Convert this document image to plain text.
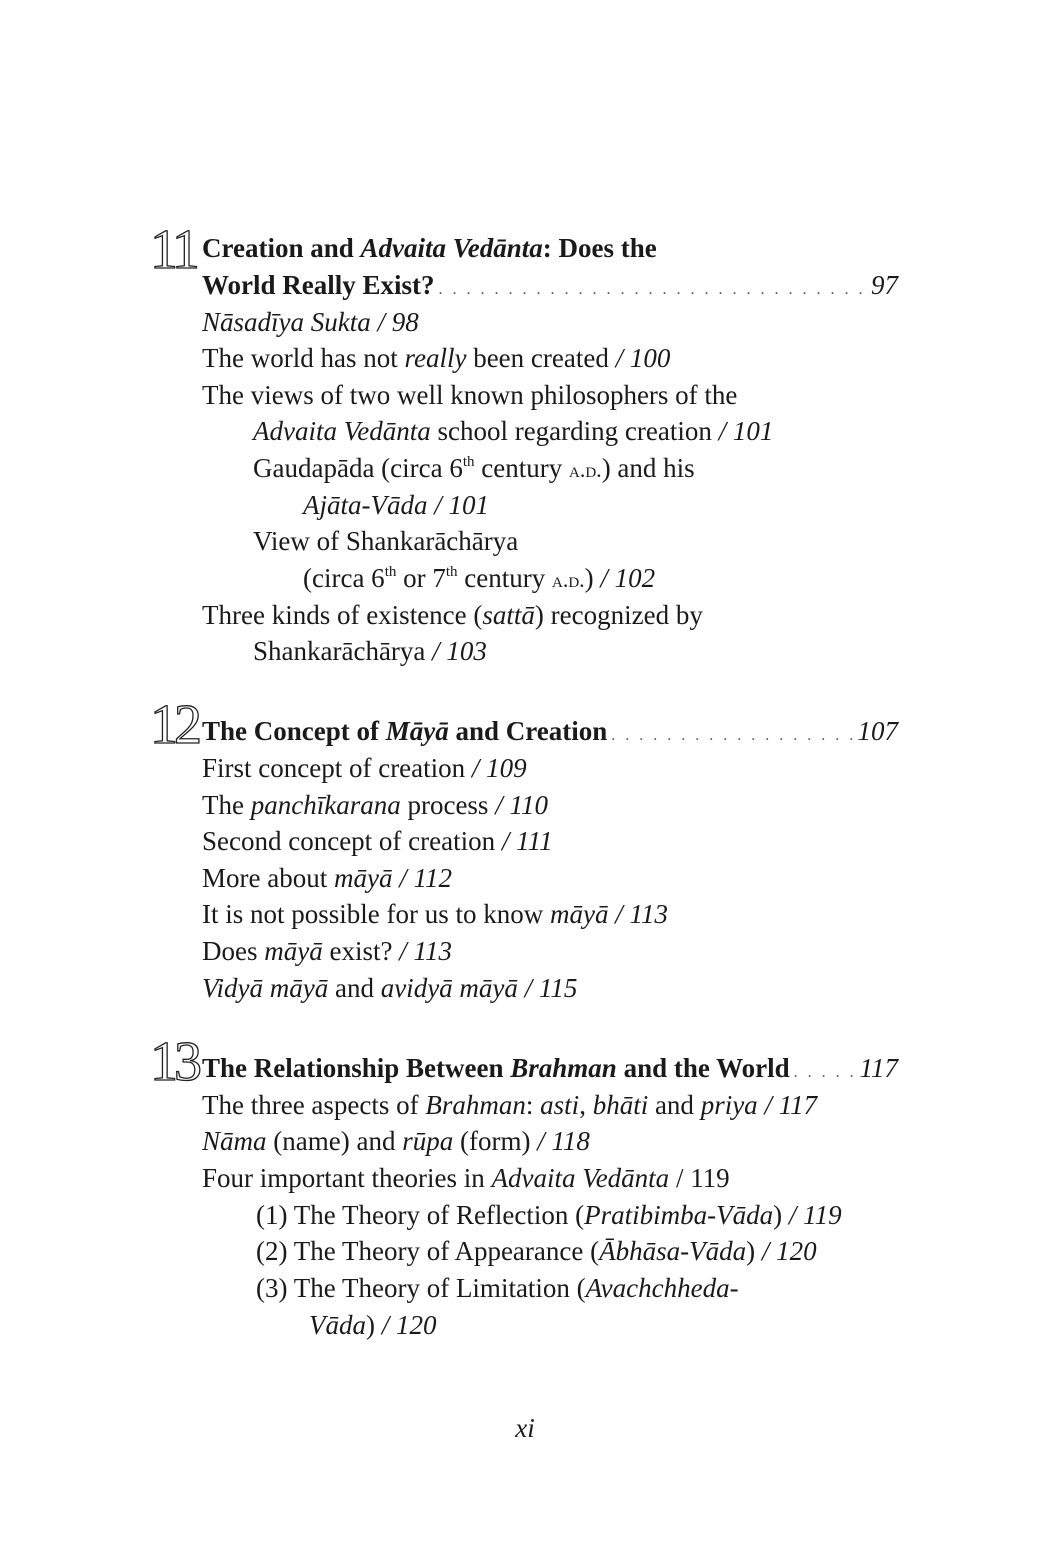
11 Creation and Advaita Vedānta: Does the
World Really Exist? . . .	97
Nāsadīya Sukta / 98
The world has not really been created / 100
The views of two well known philosophers of the
Advaita Vedānta school regarding creation / 101
Gaudapāda (circa 6th century a.d.) and his
Ajāta-Vāda / 101
View of Shankarāchārya
(circa 6th or 7th century a.d.) / 102
Three kinds of existence (sattā) recognized by
Shankarāchārya / 103
12 The Concept of Māyā and Creation . . .	107
First concept of creation / 109
The panchīkarana process / 110
Second concept of creation / 111
More about māyā / 112
It is not possible for us to know māyā / 113
Does māyā exist? / 113
Vidyā māyā and avidyā māyā / 115
13 The Relationship Between Brahman and the World . . .	117
The three aspects of Brahman: asti, bhāti and priya / 117
Nāma (name) and rūpa (form) / 118
Four important theories in Advaita Vedānta / 119
(1) The Theory of Reflection (Pratibimba-Vāda) / 119
(2) The Theory of Appearance (Ābhāsa-Vāda) / 120
(3) The Theory of Limitation (Avachchheda-
Vāda) / 120
xi
